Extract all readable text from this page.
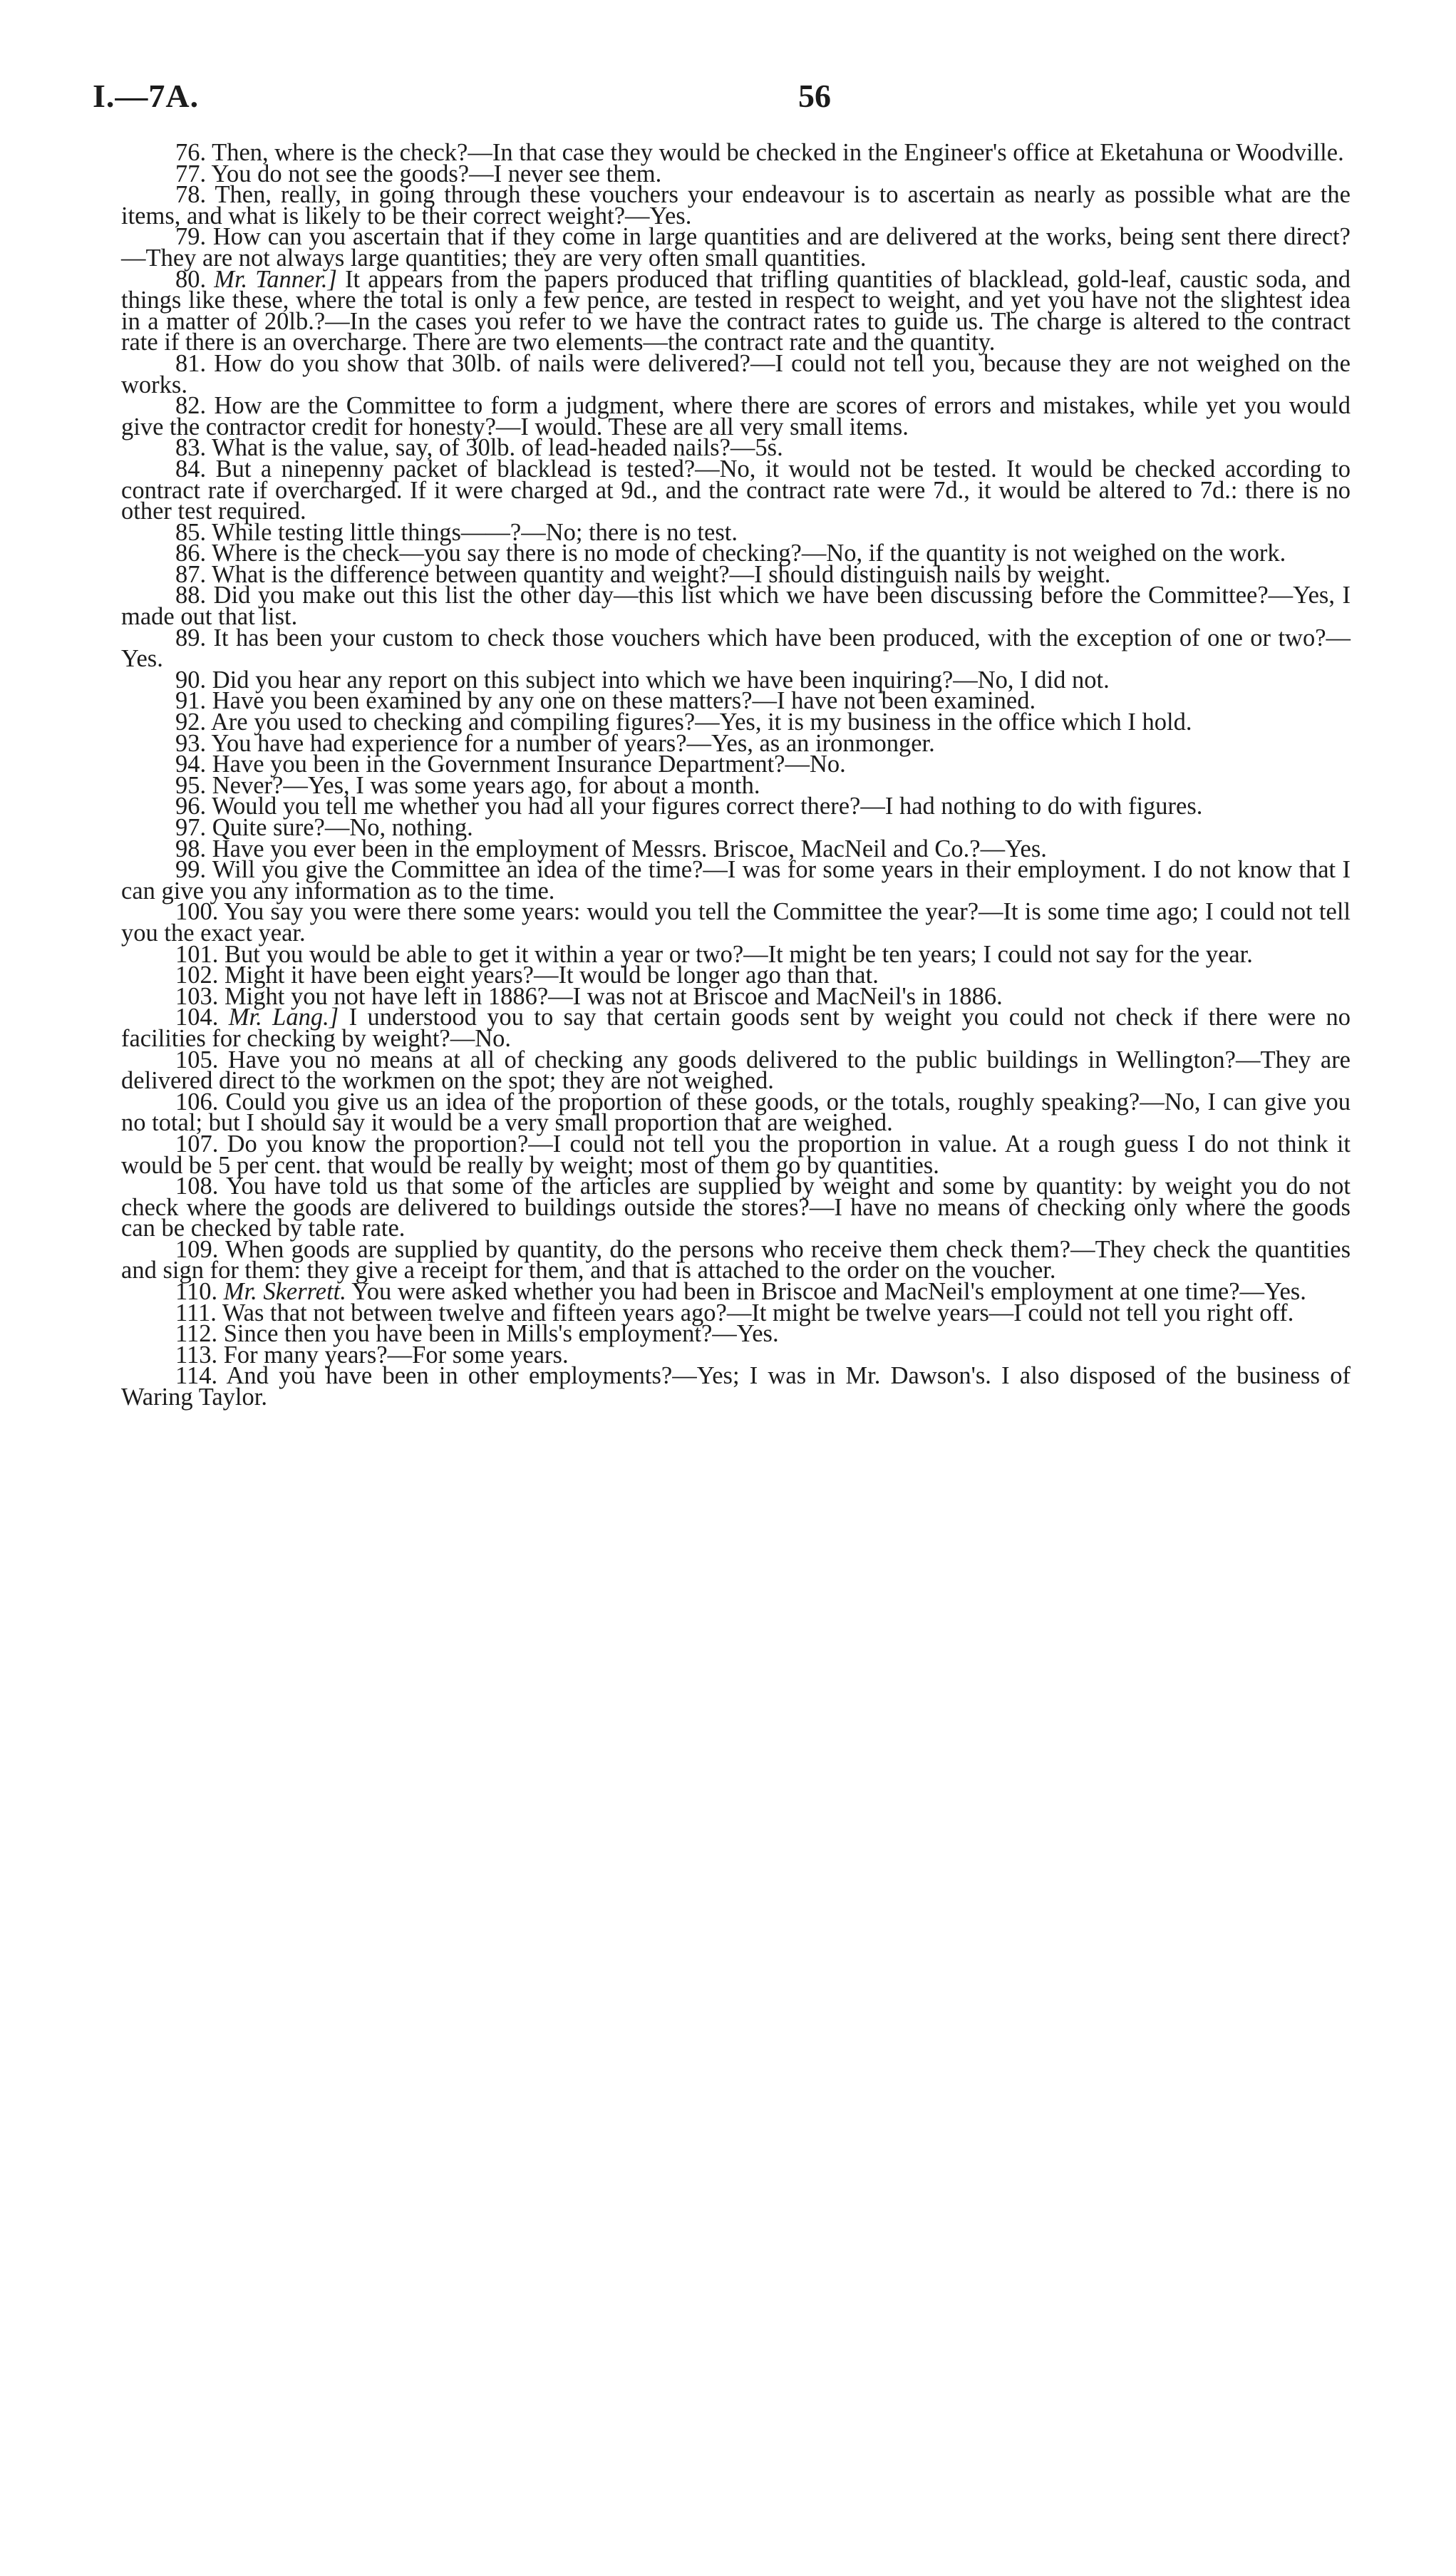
I.—7A.	56

76. Then, where is the check?—In that case they would be checked in the Engineer's office at Eketahuna or Woodville.

77. You do not see the goods?—I never see them.

78. Then, really, in going through these vouchers your endeavour is to ascertain as nearly as possible what are the items, and what is likely to be their correct weight?—Yes.

79. How can you ascertain that if they come in large quantities and are delivered at the works, being sent there direct?—They are not always large quantities; they are very often small quantities.

80. Mr. Tanner.] It appears from the papers produced that trifling quantities of blacklead, gold-leaf, caustic soda, and things like these, where the total is only a few pence, are tested in respect to weight, and yet you have not the slightest idea in a matter of 20lb.?—In the cases you refer to we have the contract rates to guide us. The charge is altered to the contract rate if there is an overcharge. There are two elements—the contract rate and the quantity.

81. How do you show that 30lb. of nails were delivered?—I could not tell you, because they are not weighed on the works.

82. How are the Committee to form a judgment, where there are scores of errors and mistakes, while yet you would give the contractor credit for honesty?—I would. These are all very small items.

83. What is the value, say, of 30lb. of lead-headed nails?—5s.

84. But a ninepenny packet of blacklead is tested?—No, it would not be tested. It would be checked according to contract rate if overcharged. If it were charged at 9d., and the contract rate were 7d., it would be altered to 7d.: there is no other test required.

85. While testing little things——?—No; there is no test.

86. Where is the check—you say there is no mode of checking?—No, if the quantity is not weighed on the work.

87. What is the difference between quantity and weight?—I should distinguish nails by weight.

88. Did you make out this list the other day—this list which we have been discussing before the Committee?—Yes, I made out that list.

89. It has been your custom to check those vouchers which have been produced, with the exception of one or two?—Yes.

90. Did you hear any report on this subject into which we have been inquiring?—No, I did not.

91. Have you been examined by any one on these matters?—I have not been examined.

92. Are you used to checking and compiling figures?—Yes, it is my business in the office which I hold.

93. You have had experience for a number of years?—Yes, as an ironmonger.

94. Have you been in the Government Insurance Department?—No.

95. Never?—Yes, I was some years ago, for about a month.

96. Would you tell me whether you had all your figures correct there?—I had nothing to do with figures.

97. Quite sure?—No, nothing.

98. Have you ever been in the employment of Messrs. Briscoe, MacNeil and Co.?—Yes.

99. Will you give the Committee an idea of the time?—I was for some years in their employment. I do not know that I can give you any information as to the time.

100. You say you were there some years: would you tell the Committee the year?—It is some time ago; I could not tell you the exact year.

101. But you would be able to get it within a year or two?—It might be ten years; I could not say for the year.

102. Might it have been eight years?—It would be longer ago than that.

103. Might you not have left in 1886?—I was not at Briscoe and MacNeil's in 1886.

104. Mr. Lang.] I understood you to say that certain goods sent by weight you could not check if there were no facilities for checking by weight?—No.

105. Have you no means at all of checking any goods delivered to the public buildings in Wellington?—They are delivered direct to the workmen on the spot; they are not weighed.

106. Could you give us an idea of the proportion of these goods, or the totals, roughly speaking?—No, I can give you no total; but I should say it would be a very small proportion that are weighed.

107. Do you know the proportion?—I could not tell you the proportion in value. At a rough guess I do not think it would be 5 per cent. that would be really by weight; most of them go by quantities.

108. You have told us that some of the articles are supplied by weight and some by quantity: by weight you do not check where the goods are delivered to buildings outside the stores?—I have no means of checking only where the goods can be checked by table rate.

109. When goods are supplied by quantity, do the persons who receive them check them?—They check the quantities and sign for them: they give a receipt for them, and that is attached to the order on the voucher.

110. Mr. Skerrett. You were asked whether you had been in Briscoe and MacNeil's employment at one time?—Yes.

111. Was that not between twelve and fifteen years ago?—It might be twelve years—I could not tell you right off.

112. Since then you have been in Mills's employment?—Yes.

113. For many years?—For some years.

114. And you have been in other employments?—Yes; I was in Mr. Dawson's. I also disposed of the business of Waring Taylor.
